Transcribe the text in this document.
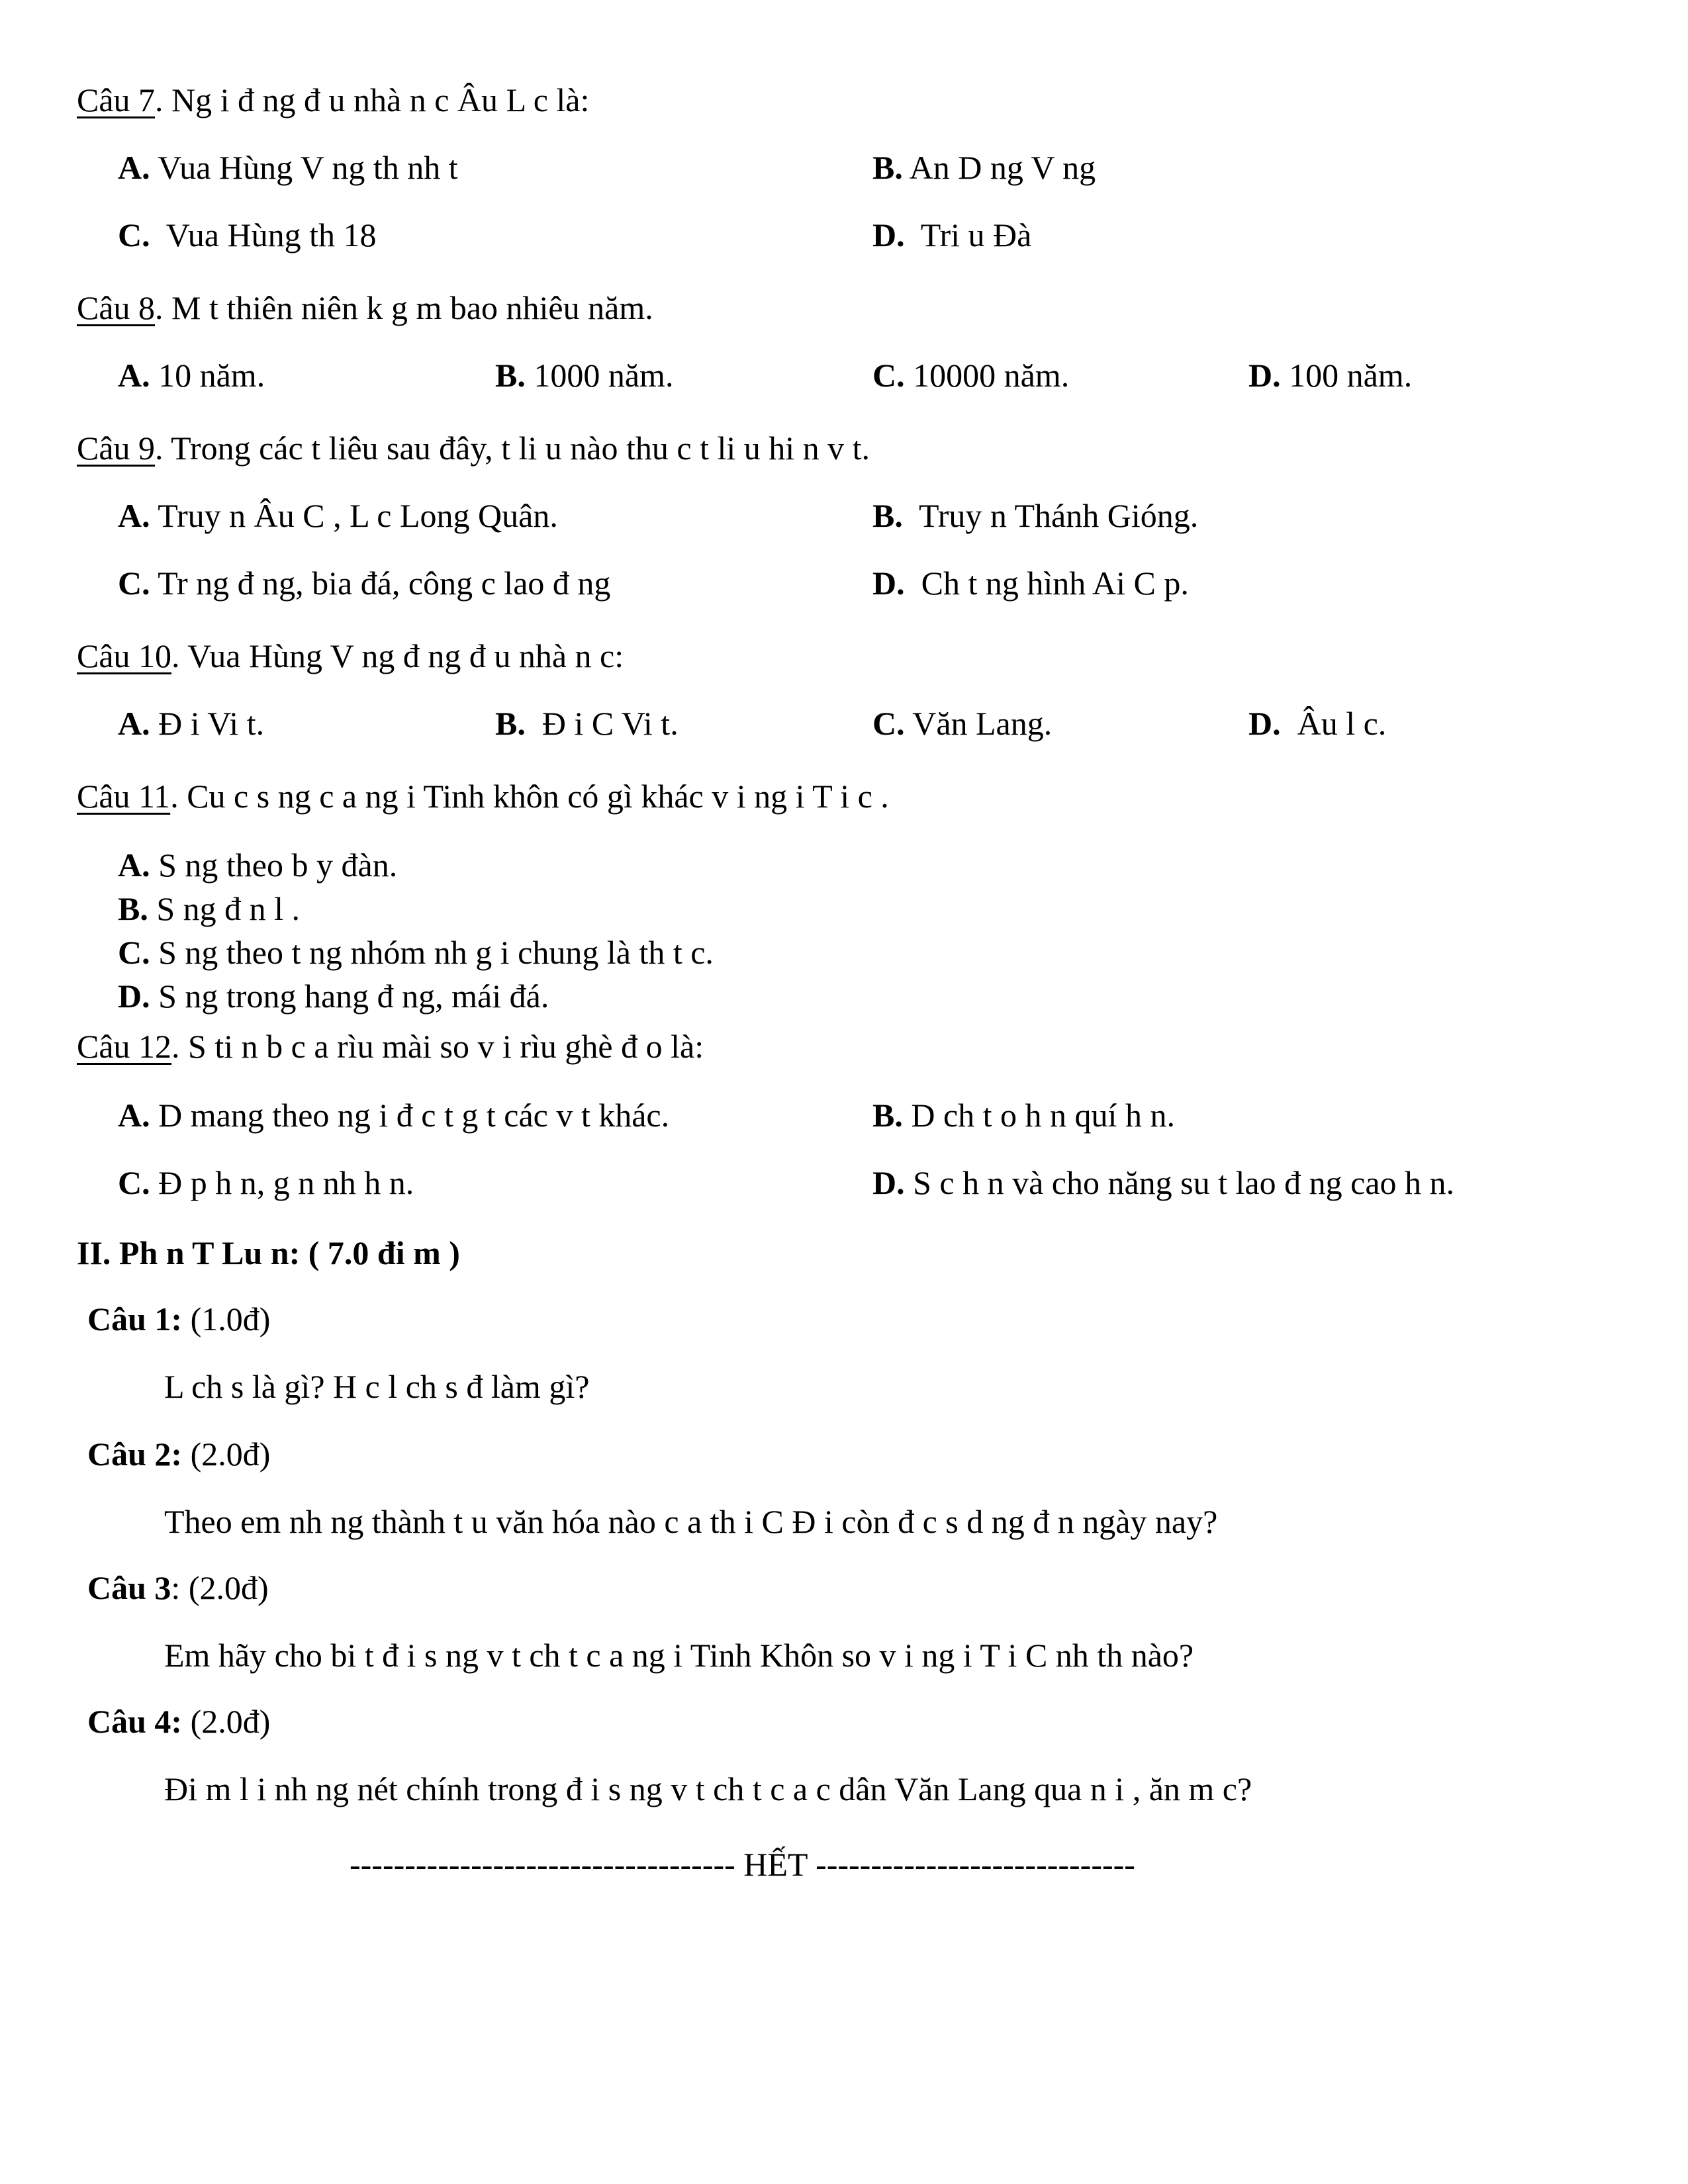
Câu 7. Ng i đ ng đ u nhà n c Âu L c là:
A. Vua Hùng V ng th nh t	B. An D ng V ng
C.  Vua Hùng th 18	D.  Tri u Đà
Câu 8. M t thiên niên k g m bao nhiêu năm.
A. 10 năm.	B. 1000 năm.	C. 10000 năm.	D. 100 năm.
Câu 9. Trong các t liêu sau đây, t li u nào thu c t li u hi n v t.
A. Truy n Âu C , L c Long Quân.	B.  Truy n Thánh Gióng.
C. Tr ng đ ng, bia đá, công c lao đ ng	D.  Ch t ng hình Ai C p.
Câu 10. Vua Hùng V ng đ ng đ u nhà n c:
A. Đ i Vi t.	B.  Đ i C Vi t.	C. Văn Lang.	D.  Âu l c.
Câu 11. Cu c s ng c a ng i Tinh khôn có gì khác v i ng i T i c .
A. S ng theo b y đàn.
B. S ng đ n l .
C. S ng theo t ng nhóm nh g i chung là th t c.
D. S ng trong hang đ ng, mái đá.
Câu 12. S ti n b c a rìu mài so v i rìu ghè đ o là:
A. D mang theo ng i đ c t g t các v t khác.	B. D ch t o h n quí h n.
C. Đ p h n, g n nh h n.	D. S c h n và cho năng su t lao đ ng cao h n.
II. Ph n T Lu n: ( 7.0 đi m )
Câu 1: (1.0đ)
L ch s là gì? H c l ch s đ làm gì?
Câu 2: (2.0đ)
Theo em nh ng thành t u văn hóa nào c a th i C Đ i còn đ c s d ng đ n ngày nay?
Câu 3: (2.0đ)
Em hãy cho bi t đ i s ng v t ch t c a ng i Tinh Khôn so v i ng i T i C nh th nào?
Câu 4: (2.0đ)
Đi m l i nh ng nét chính trong đ i s ng v t ch t c a c dân Văn Lang qua n i , ăn m c?
----------------------------------- HẾT -----------------------------
